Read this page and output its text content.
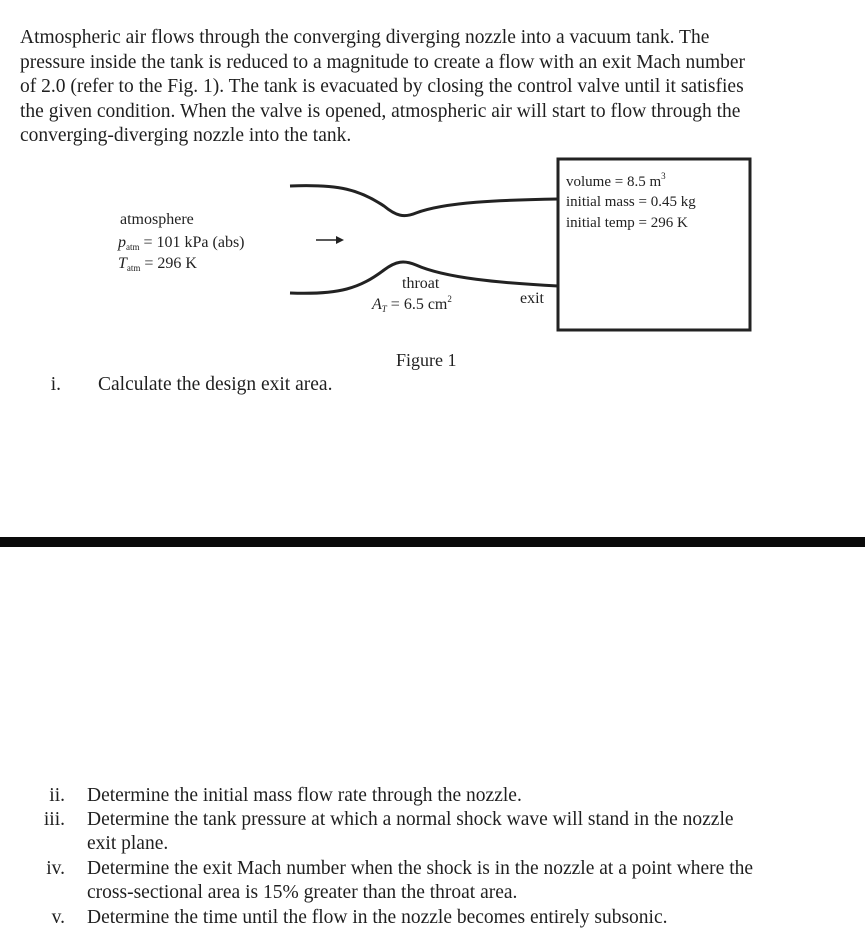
Atmospheric air flows through the converging diverging nozzle into a vacuum tank. The
pressure inside the tank is reduced to a magnitude to create a flow with an exit Mach number
of 2.0 (refer to the Fig. 1). The tank is evacuated by closing the control valve until it satisfies
the given condition. When the valve is opened, atmospheric air will start to flow through the
converging-diverging nozzle into the tank.
atmosphere
patm = 101 kPa (abs)
Tatm = 296 K
volume = 8.5 $m^3$
initial mass = 0.45 kg
initial temp = 296 K
throat
AT = 6.5 $cm^2$	exit
Figure 1
i. Calculate the design exit area.
ii. Determine the initial mass flow rate through the nozzle.
iii. Determine the tank pressure at which a normal shock wave will stand in the nozzle
exit plane.
iv. Determine the exit Mach number when the shock is in the nozzle at a point where the
cross-sectional area is 15% greater than the throat area.
v. Determine the time until the flow in the nozzle becomes entirely subsonic.
